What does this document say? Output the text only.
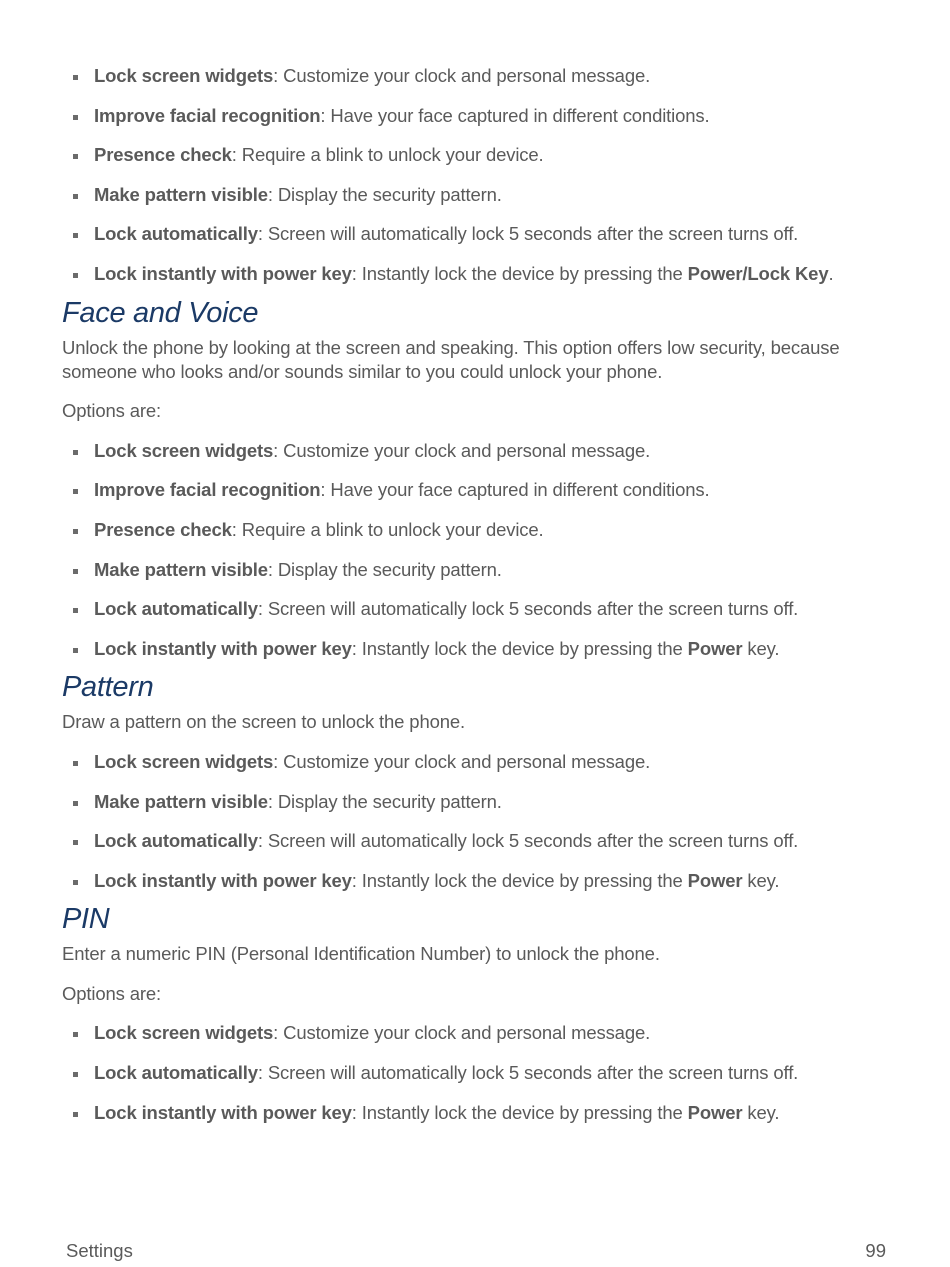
Lock screen widgets: Customize your clock and personal message.
Improve facial recognition: Have your face captured in different conditions.
Presence check: Require a blink to unlock your device.
Make pattern visible: Display the security pattern.
Lock automatically: Screen will automatically lock 5 seconds after the screen turns off.
Lock instantly with power key: Instantly lock the device by pressing the Power/Lock Key.
Face and Voice

Unlock the phone by looking at the screen and speaking. This option offers low security, because someone who looks and/or sounds similar to you could unlock your phone.

Options are:

Lock screen widgets: Customize your clock and personal message.
Improve facial recognition: Have your face captured in different conditions.
Presence check: Require a blink to unlock your device.
Make pattern visible: Display the security pattern.
Lock automatically: Screen will automatically lock 5 seconds after the screen turns off.
Lock instantly with power key: Instantly lock the device by pressing the Power key.
Pattern

Draw a pattern on the screen to unlock the phone.

Lock screen widgets: Customize your clock and personal message.
Make pattern visible: Display the security pattern.
Lock automatically: Screen will automatically lock 5 seconds after the screen turns off.
Lock instantly with power key: Instantly lock the device by pressing the Power key.
PIN

Enter a numeric PIN (Personal Identification Number) to unlock the phone.

Options are:

Lock screen widgets: Customize your clock and personal message.
Lock automatically: Screen will automatically lock 5 seconds after the screen turns off.
Lock instantly with power key: Instantly lock the device by pressing the Power key.
Settings	99
